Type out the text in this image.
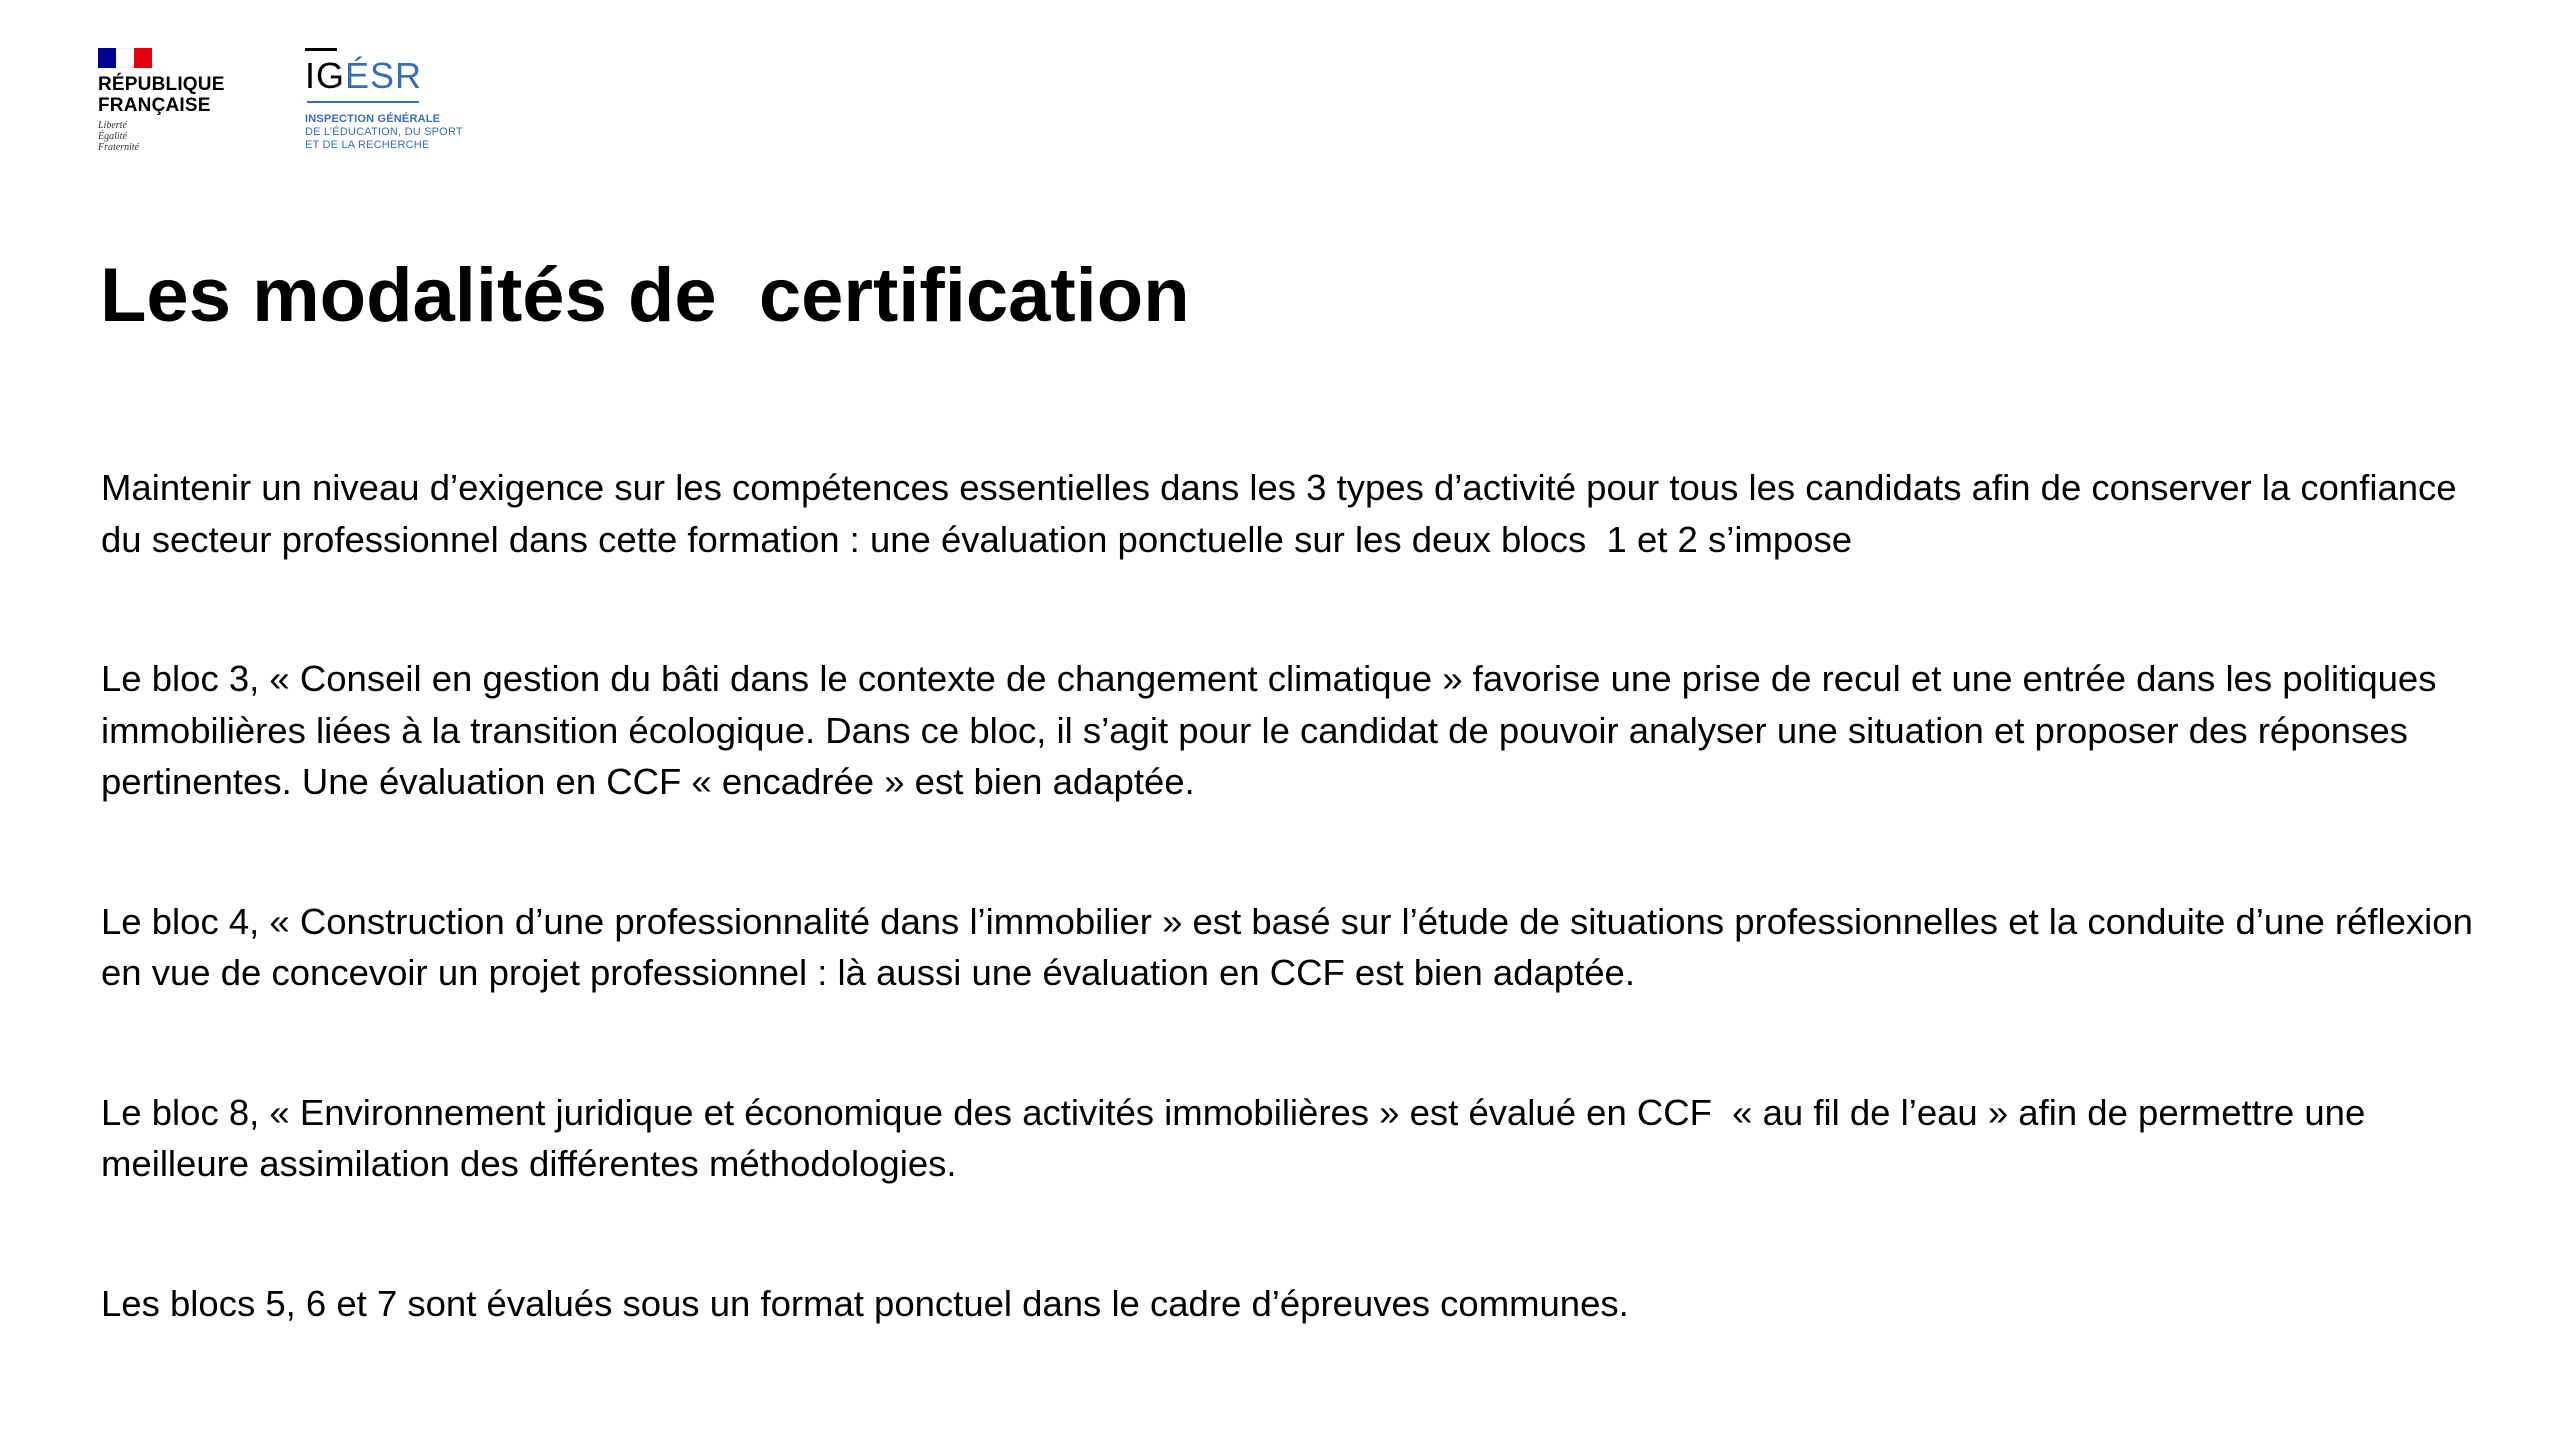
RÉPUBLIQUE
FRANÇAISE
Liberté
Égalité
Fraternité
IG ÉSR
INSPECTION GÉNÉRALE
DE L’ÉDUCATION, DU SPORT
ET DE LA RECHERCHE
Les modalités de  certification

Maintenir un niveau d’exigence sur les compétences essentielles dans les 3 types d’activité pour tous les candidats afin de conserver la confiance du secteur professionnel dans cette formation : une évaluation ponctuelle sur les deux blocs  1 et 2 s’impose

Le bloc 3, « Conseil en gestion du bâti dans le contexte de changement climatique » favorise une prise de recul et une entrée dans les politiques immobilières liées à la transition écologique. Dans ce bloc, il s’agit pour le candidat de pouvoir analyser une situation et proposer des réponses pertinentes. Une évaluation en CCF « encadrée » est bien adaptée.

Le bloc 4, « Construction d’une professionnalité dans l’immobilier » est basé sur l’étude de situations professionnelles et la conduite d’une réflexion en vue de concevoir un projet professionnel : là aussi une évaluation en CCF est bien adaptée.

Le bloc 8, « Environnement juridique et économique des activités immobilières » est évalué en CCF  « au fil de l’eau » afin de permettre une meilleure assimilation des différentes méthodologies.

Les blocs 5, 6 et 7 sont évalués sous un format ponctuel dans le cadre d’épreuves communes.
